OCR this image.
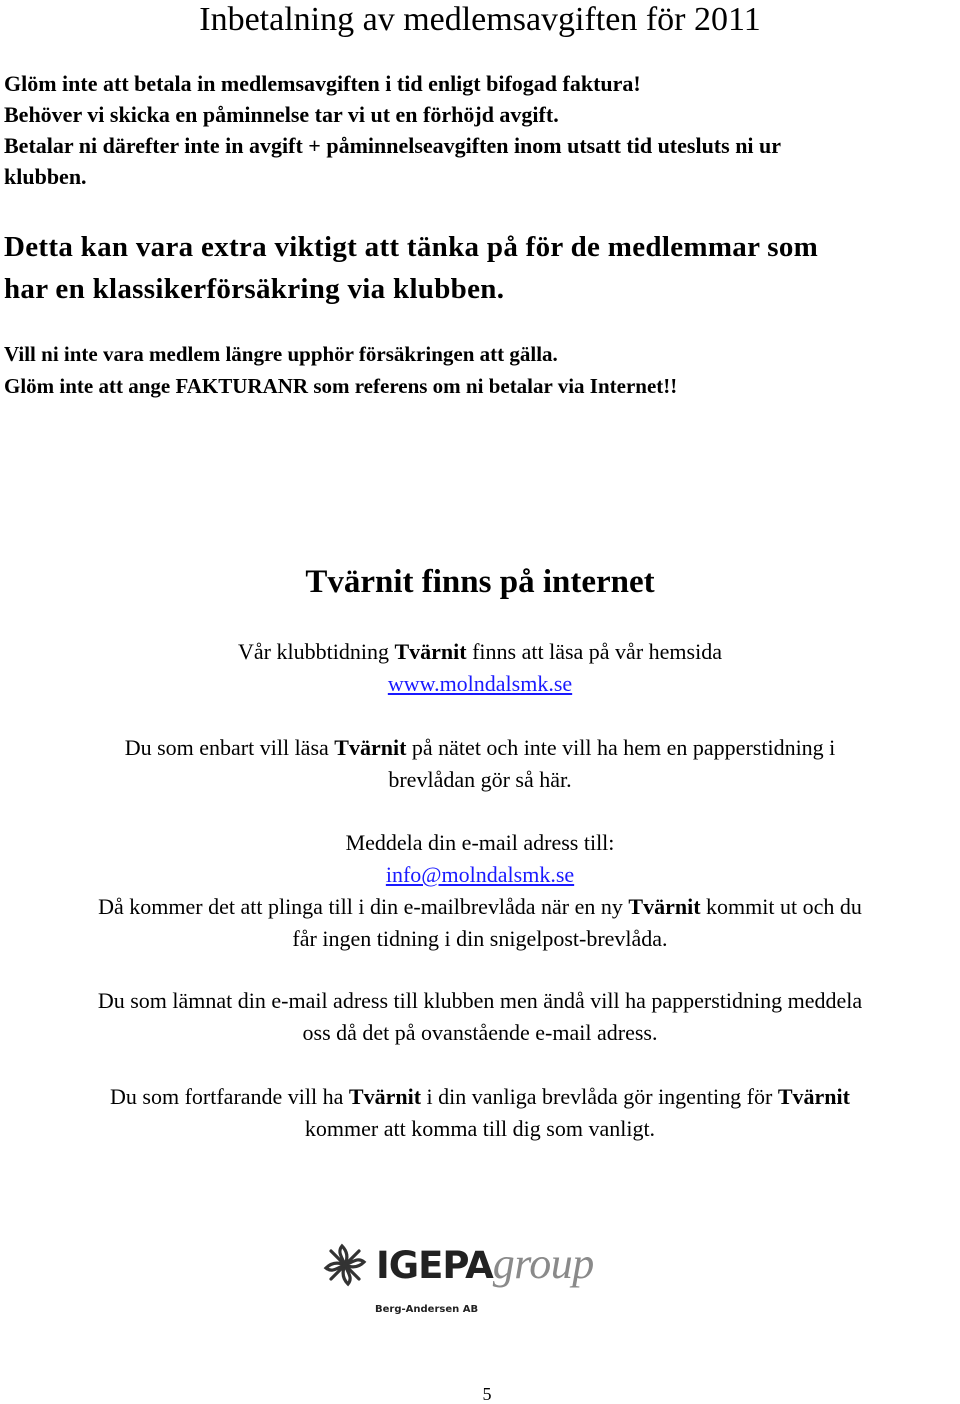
Inbetalning av medlemsavgiften för 2011
Glöm inte att betala in medlemsavgiften i tid enligt bifogad faktura!
Behöver vi skicka en påminnelse tar vi ut en förhöjd avgift.
Betalar ni därefter inte in avgift + påminnelseavgiften inom utsatt tid utesluts ni ur
klubben.
Detta kan vara extra viktigt att tänka på för de medlemmar som
har en klassikerförsäkring via klubben.
Vill ni inte vara medlem längre upphör försäkringen att gälla.
Glöm inte att ange FAKTURANR som referens om ni betalar via Internet!!
Tvärnit finns på internet
Vår klubbtidning Tvärnit finns att läsa på vår hemsida
www.molndalsmk.se
Du som enbart vill läsa Tvärnit på nätet och inte vill ha hem en papperstidning i
brevlådan gör så här.
Meddela din e-mail adress till:
info@molndalsmk.se
Då kommer det att plinga till i din e-mailbrevlåda när en ny Tvärnit kommit ut och du
får ingen tidning i din snigelpost-brevlåda.
Du som lämnat din e-mail adress till klubben men ändå vill ha papperstidning meddela
oss då det på ovanstående e-mail adress.
Du som fortfarande vill ha Tvärnit i din vanliga brevlåda gör ingenting för Tvärnit
kommer att komma till dig som vanligt.
IGEPAgroup
Berg-Andersen AB
5
